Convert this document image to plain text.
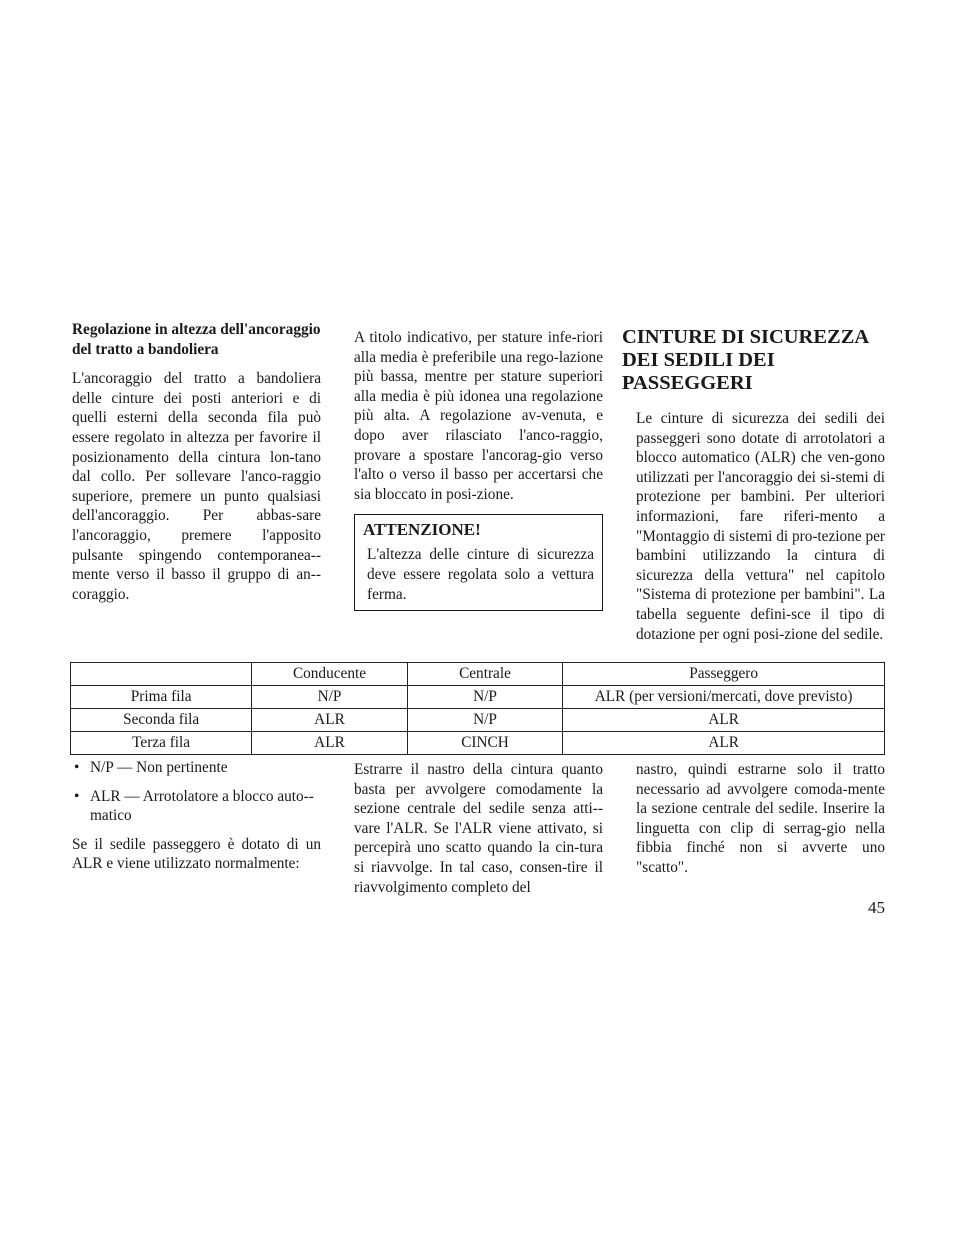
Regolazione in altezza dell'ancoraggio del tratto a bandoliera

L'ancoraggio del tratto a bandoliera delle cinture dei posti anteriori e di quelli esterni della seconda fila può essere regolato in altezza per favorire il posizionamento della cintura lon-tano dal collo. Per sollevare l'anco-raggio superiore, premere un punto qualsiasi dell'ancoraggio. Per abbas-sare l'ancoraggio, premere l'apposito pulsante spingendo contemporanea-mente verso il basso il gruppo di an-coraggio.

A titolo indicativo, per stature infe-riori alla media è preferibile una rego-lazione più bassa, mentre per stature superiori alla media è più idonea una regolazione più alta. A regolazione av-venuta, e dopo aver rilasciato l'anco-raggio, provare a spostare l'ancorag-gio verso l'alto o verso il basso per accertarsi che sia bloccato in posi-zione.

ATTENZIONE!

L'altezza delle cinture di sicurezza deve essere regolata solo a vettura ferma.

CINTURE DI SICUREZZA DEI SEDILI DEI PASSEGGERI

Le cinture di sicurezza dei sedili dei passeggeri sono dotate di arrotolatori a blocco automatico (ALR) che ven-gono utilizzati per l'ancoraggio dei si-stemi di protezione per bambini. Per ulteriori informazioni, fare riferi-mento a "Montaggio di sistemi di pro-tezione per bambini utilizzando la cintura di sicurezza della vettura" nel capitolo "Sistema di protezione per bambini". La tabella seguente defini-sce il tipo di dotazione per ogni posi-zione del sedile.

	Conducente	Centrale	Passeggero
Prima fila	N/P	N/P	ALR (per versioni/mercati, dove previsto)
Seconda fila	ALR	N/P	ALR
Terza fila	ALR	CINCH	ALR
• N/P — Non pertinente
• ALR — Arrotolatore a blocco auto-matico

Se il sedile passeggero è dotato di un ALR e viene utilizzato normalmente:

Estrarre il nastro della cintura quanto basta per avvolgere comodamente la sezione centrale del sedile senza atti-vare l'ALR. Se l'ALR viene attivato, si percepirà uno scatto quando la cin-tura si riavvolge. In tal caso, consen-tire il riavvolgimento completo del

nastro, quindi estrarne solo il tratto necessario ad avvolgere comoda-mente la sezione centrale del sedile. Inserire la linguetta con clip di serrag-gio nella fibbia finché non si avverte uno "scatto".

45
